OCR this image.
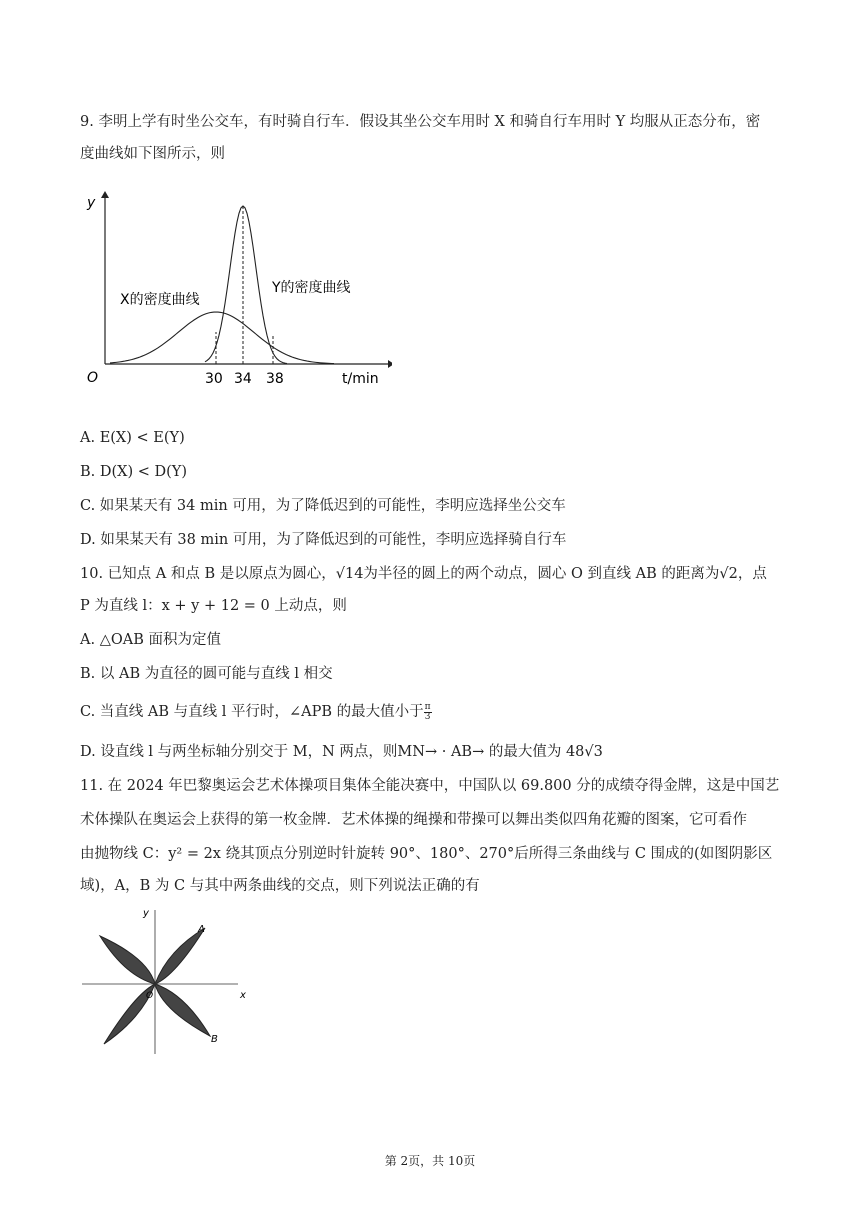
9. 李明上学有时坐公交车，有时骑自行车．假设其坐公交车用时 X 和骑自行车用时 Y 均服从正态分布，密
度曲线如下图所示，则
y
O	t/min
30 34 38
X的密度曲线
Y的密度曲线
A. E(X) < E(Y)
B. D(X) < D(Y)
C. 如果某天有 34 min 可用，为了降低迟到的可能性，李明应选择坐公交车
D. 如果某天有 38 min 可用，为了降低迟到的可能性，李明应选择骑自行车
10. 已知点 A 和点 B 是以原点为圆心，√14为半径的圆上的两个动点，圆心 O 到直线 AB 的距离为√2，点
P 为直线 l：x + y + 12 = 0 上动点，则
A. △OAB 面积为定值
B. 以 AB 为直径的圆可能与直线 l 相交
C. 当直线 AB 与直线 l 平行时，∠APB 的最大值小于 $\frac{\pi}{3}$
D. 设直线 l 与两坐标轴分别交于 M，N 两点，则MN→ · AB→ 的最大值为 48√3
11. 在 2024 年巴黎奥运会艺术体操项目集体全能决赛中，中国队以 69.800 分的成绩夺得金牌，这是中国艺
术体操队在奥运会上获得的第一枚金牌．艺术体操的绳操和带操可以舞出类似四角花瓣的图案，它可看作
由抛物线 C：y² = 2x 绕其顶点分别逆时针旋转 90°、180°、270°后所得三条曲线与 C 围成的(如图阴影区
域)，A，B 为 C 与其中两条曲线的交点，则下列说法正确的有
x
y
O
A
B
第 2页，共 10页
